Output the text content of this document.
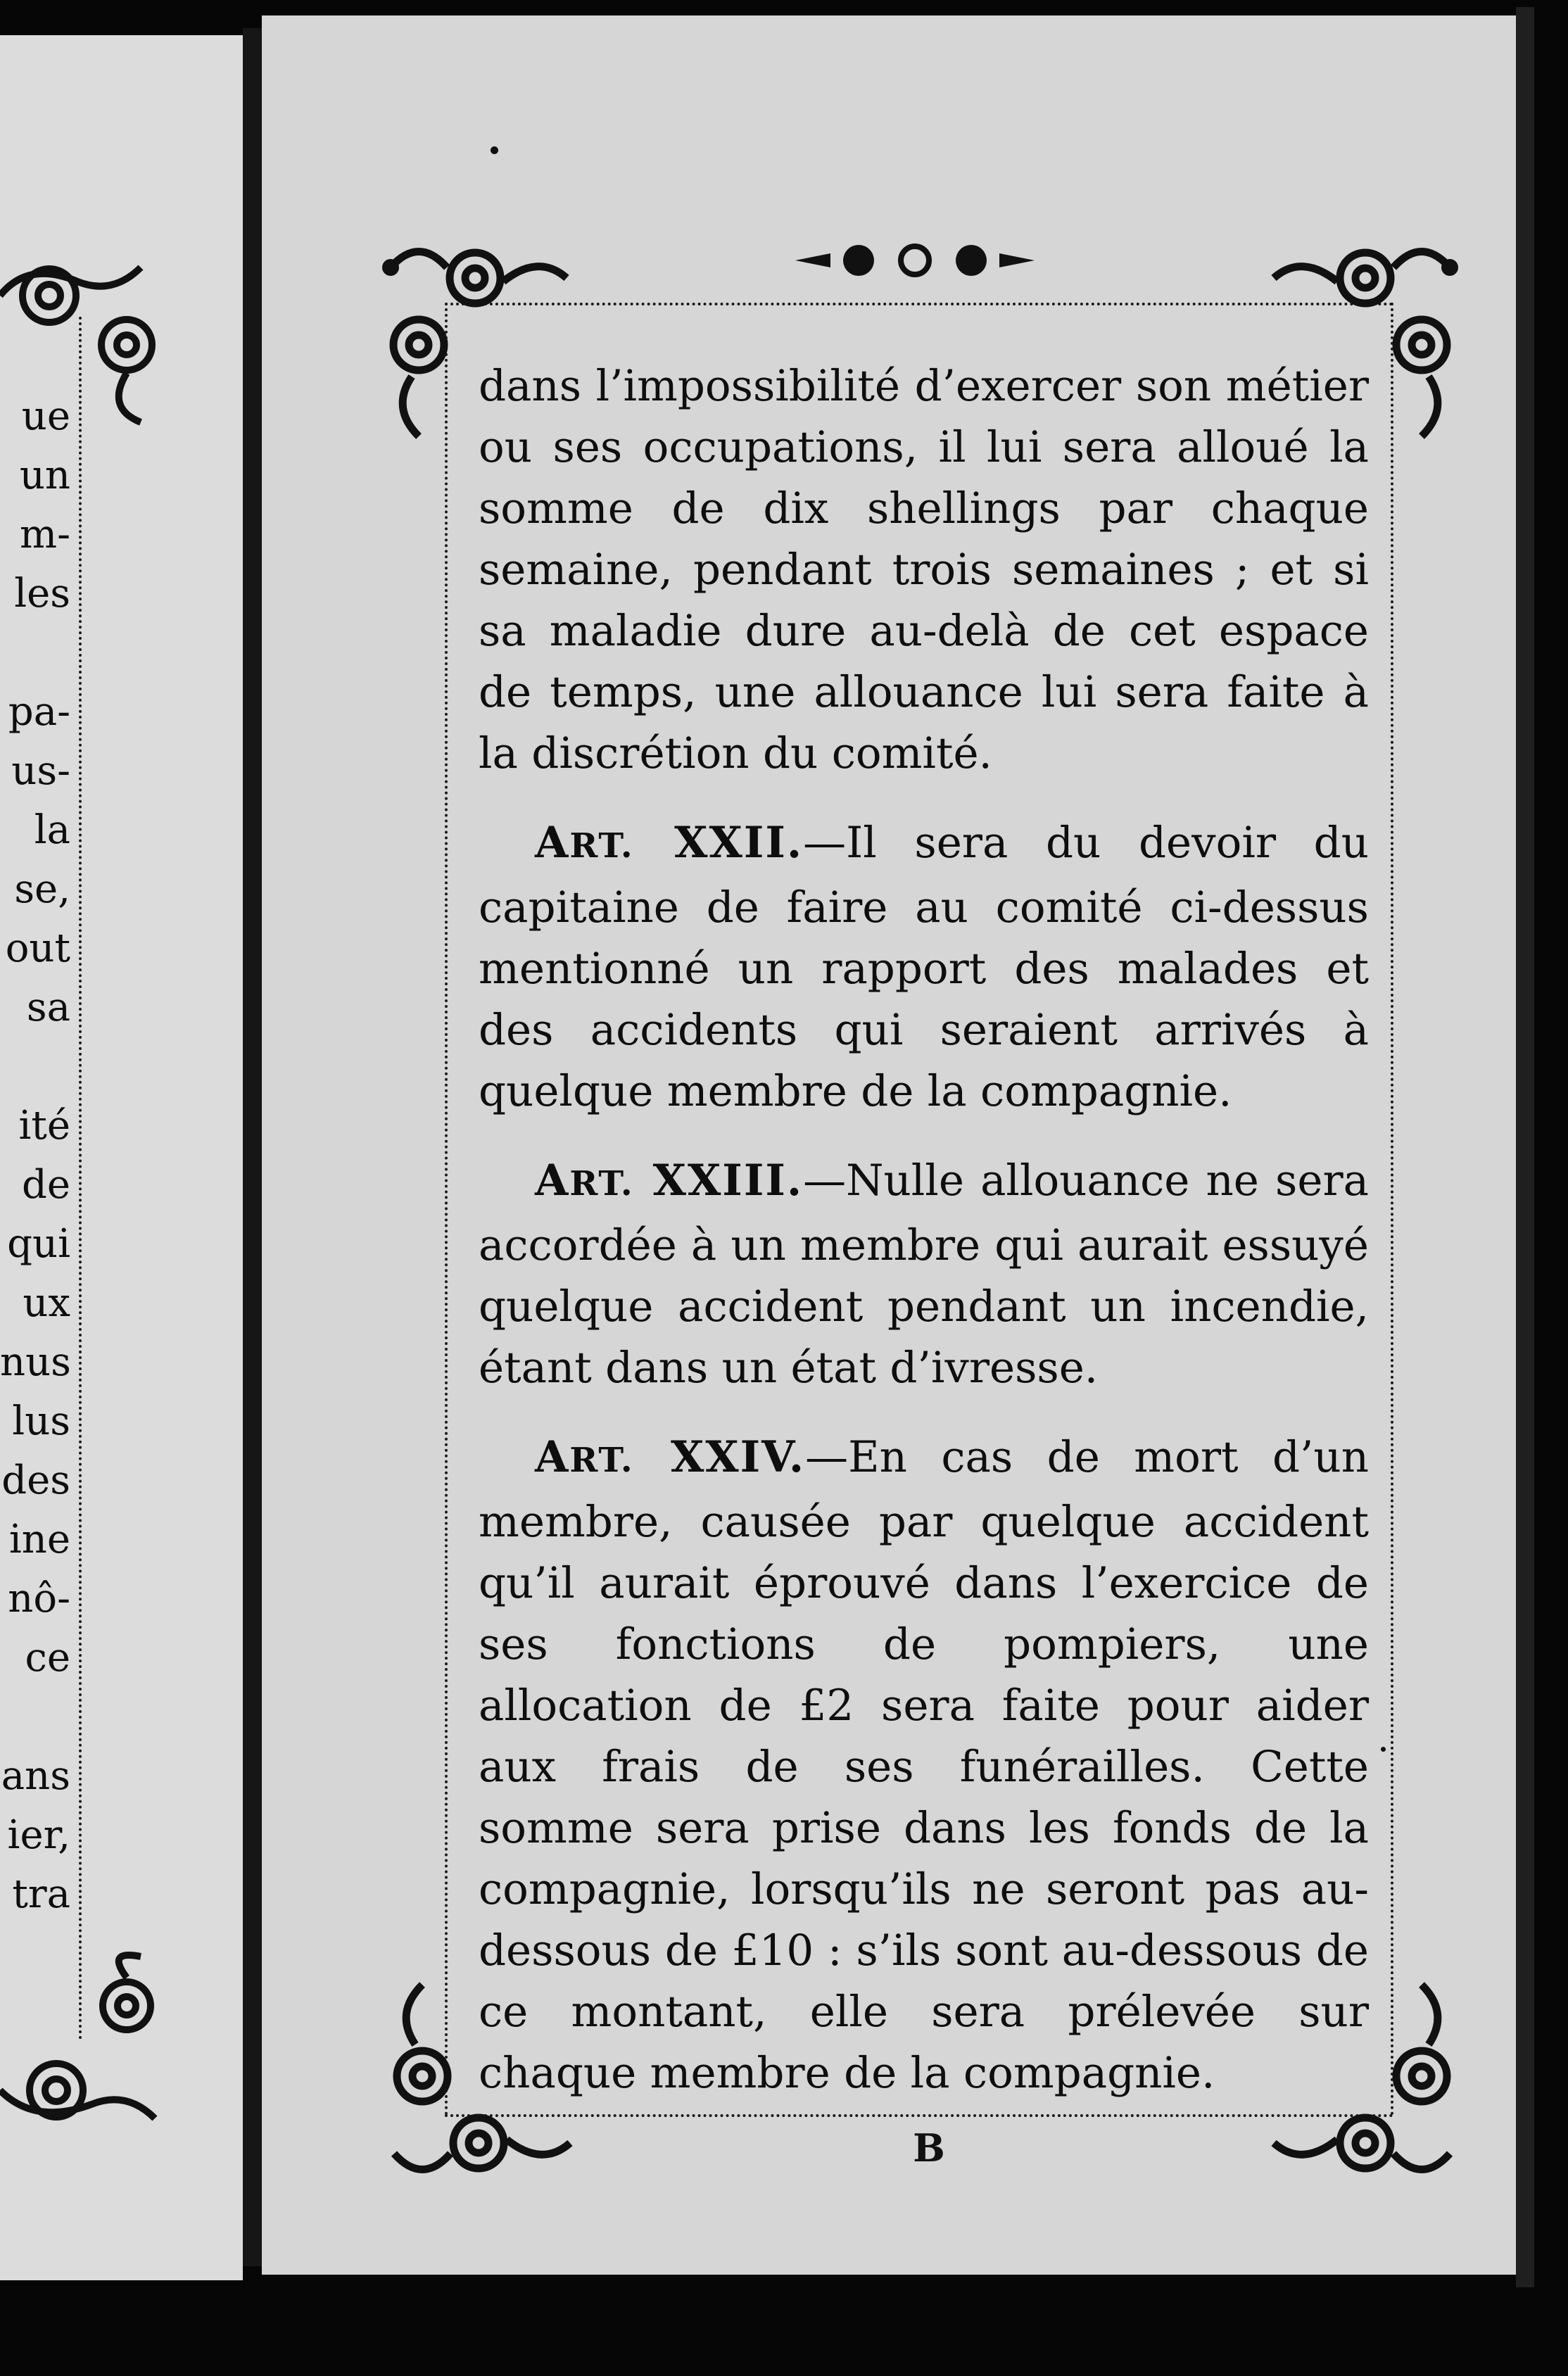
ue
un
m-
les
pa-
us-
la
se,
out
sa
ité
de
qui
ux
nus
lus
des
ine
nô-
ce
ans
ier,
tra

dans l’impossibilité d’exercer son métier ou ses occupations, il lui sera alloué la somme de dix shellings par chaque semaine, pendant trois semaines ; et si sa maladie dure au-delà de cet espace de temps, une allouance lui sera faite à la discrétion du comité.

ART. XXII.—Il sera du devoir du capitaine de faire au comité ci-dessus mentionné un rapport des malades et des accidents qui seraient arrivés à quelque membre de la compagnie.

ART. XXIII.—Nulle allouance ne sera accordée à un membre qui aurait essuyé quelque accident pendant un incendie, étant dans un état d’ivresse.

ART. XXIV.—En cas de mort d’un membre, causée par quelque accident qu’il aurait éprouvé dans l’exercice de ses fonctions de pompiers, une allocation de £2 sera faite pour aider aux frais de ses funérailles. Cette somme sera prise dans les fonds de la compagnie, lorsqu’ils ne seront pas au-dessous de £10 : s’ils sont au-dessous de ce montant, elle sera prélevée sur chaque membre de la compagnie.

B
